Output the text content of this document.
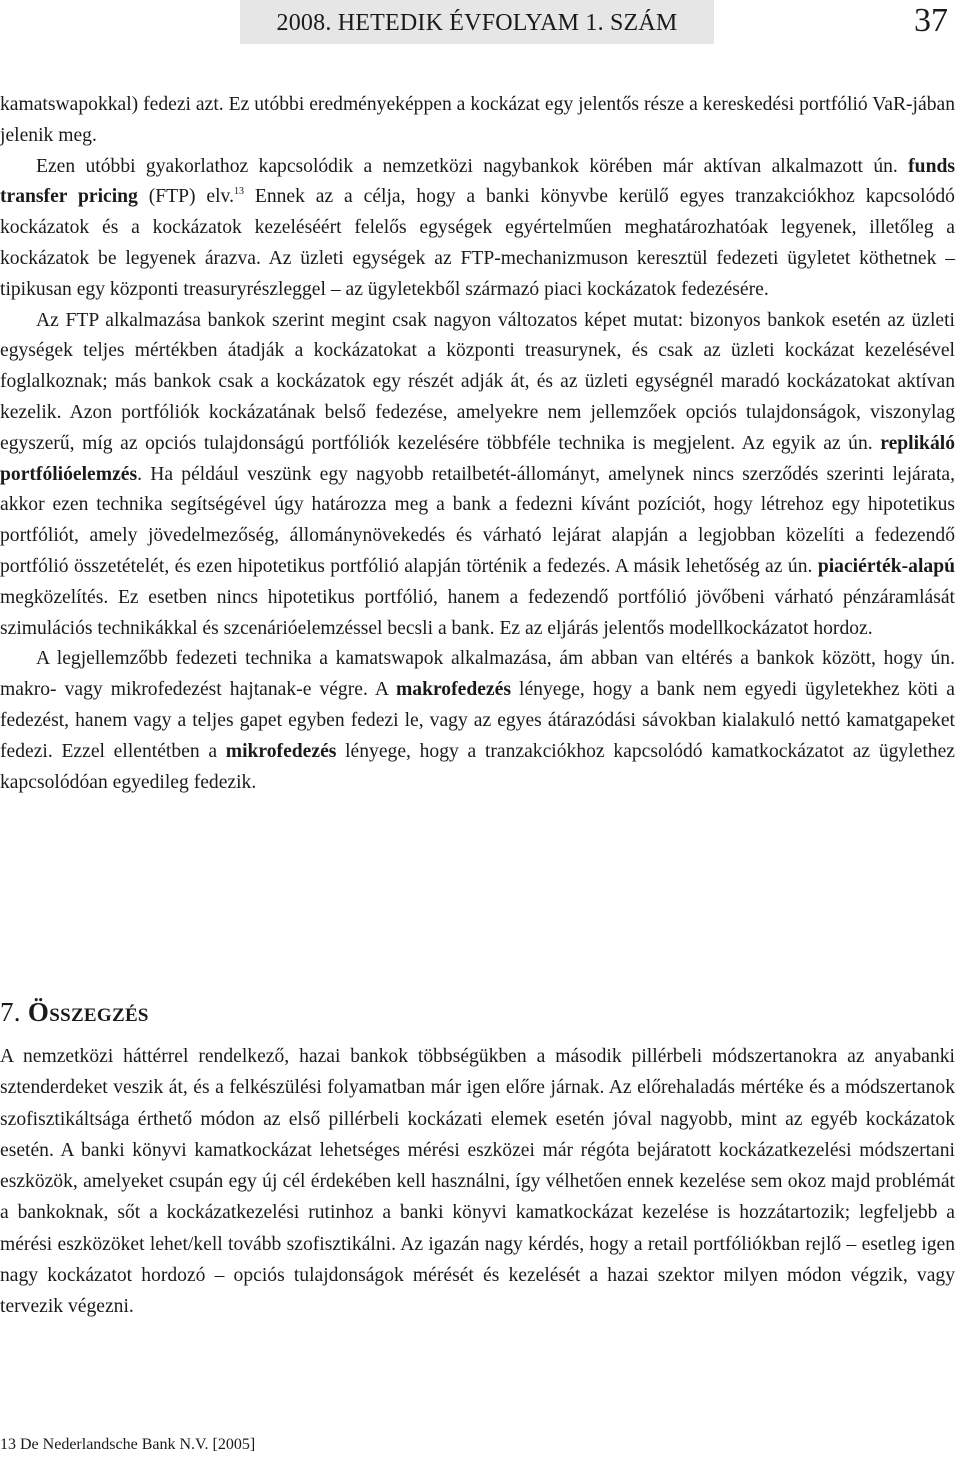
2008. HETEDIK ÉVFOLYAM 1. SZÁM	37

kamatswapokkal) fedezi azt. Ez utóbbi eredményeképpen a kockázat egy jelentős része a kereskedési portfólió VaR-jában jelenik meg.

Ezen utóbbi gyakorlathoz kapcsolódik a nemzetközi nagybankok körében már aktívan alkalmazott ún. funds transfer pricing (FTP) elv.$^{13}$ Ennek az a célja, hogy a banki könyvbe kerülő egyes tranzakciókhoz kapcsolódó kockázatok és a kockázatok kezeléséért felelős egységek egyértelműen meghatározhatóak legyenek, illetőleg a kockázatok be legyenek árazva. Az üzleti egységek az FTP-mechanizmuson keresztül fedezeti ügyletet köthetnek – tipikusan egy központi treasuryrészleggel – az ügyletekből származó piaci kockázatok fedezésére.

Az FTP alkalmazása bankok szerint megint csak nagyon változatos képet mutat: bizonyos bankok esetén az üzleti egységek teljes mértékben átadják a kockázatokat a központi treasurynek, és csak az üzleti kockázat kezelésével foglalkoznak; más bankok csak a kockázatok egy részét adják át, és az üzleti egységnél maradó kockázatokat aktívan kezelik. Azon portfóliók kockázatának belső fedezése, amelyekre nem jellemzőek opciós tulajdonságok, viszonylag egyszerű, míg az opciós tulajdonságú portfóliók kezelésére többféle technika is megjelent. Az egyik az ún. replikáló portfólióelemzés. Ha például veszünk egy nagyobb retailbetét-állományt, amelynek nincs szerződés szerinti lejárata, akkor ezen technika segítségével úgy határozza meg a bank a fedezni kívánt pozíciót, hogy létrehoz egy hipotetikus portfóliót, amely jövedelmezőség, állománynövekedés és várható lejárat alapján a legjobban közelíti a fedezendő portfólió összetételét, és ezen hipotetikus portfólió alapján történik a fedezés. A másik lehetőség az ún. piaciérték-alapú megközelítés. Ez esetben nincs hipotetikus portfólió, hanem a fedezendő portfólió jövőbeni várható pénzáramlását szimulációs technikákkal és szcenárióelemzéssel becsli a bank. Ez az eljárás jelentős modellkockázatot hordoz.

A legjellemzőbb fedezeti technika a kamatswapok alkalmazása, ám abban van eltérés a bankok között, hogy ún. makro- vagy mikrofedezést hajtanak-e végre. A makrofedezés lényege, hogy a bank nem egyedi ügyletekhez köti a fedezést, hanem vagy a teljes gapet egyben fedezi le, vagy az egyes átárazódási sávokban kialakuló nettó kamatgapeket fedezi. Ezzel ellentétben a mikrofedezés lényege, hogy a tranzakciókhoz kapcsolódó kamatkockázatot az ügylethez kapcsolódóan egyedileg fedezik.

7. Összegzés

A nemzetközi háttérrel rendelkező, hazai bankok többségükben a második pillérbeli módszertanokra az anyabanki sztenderdeket veszik át, és a felkészülési folyamatban már igen előre járnak. Az előrehaladás mértéke és a módszertanok szofisztikáltsága érthető módon az első pillérbeli kockázati elemek esetén jóval nagyobb, mint az egyéb kockázatok esetén. A banki könyvi kamatkockázat lehetséges mérési eszközei már régóta bejáratott kockázatkezelési módszertani eszközök, amelyeket csupán egy új cél érdekében kell használni, így vélhetően ennek kezelése sem okoz majd problémát a bankoknak, sőt a kockázatkezelési rutinhoz a banki könyvi kamatkockázat kezelése is hozzátartozik; legfeljebb a mérési eszközöket lehet/kell tovább szofisztikálni. Az igazán nagy kérdés, hogy a retail portfóliókban rejlő – esetleg igen nagy kockázatot hordozó – opciós tulajdonságok mérését és kezelését a hazai szektor milyen módon végzik, vagy tervezik végezni.

13 De Nederlandsche Bank N.V. [2005]
